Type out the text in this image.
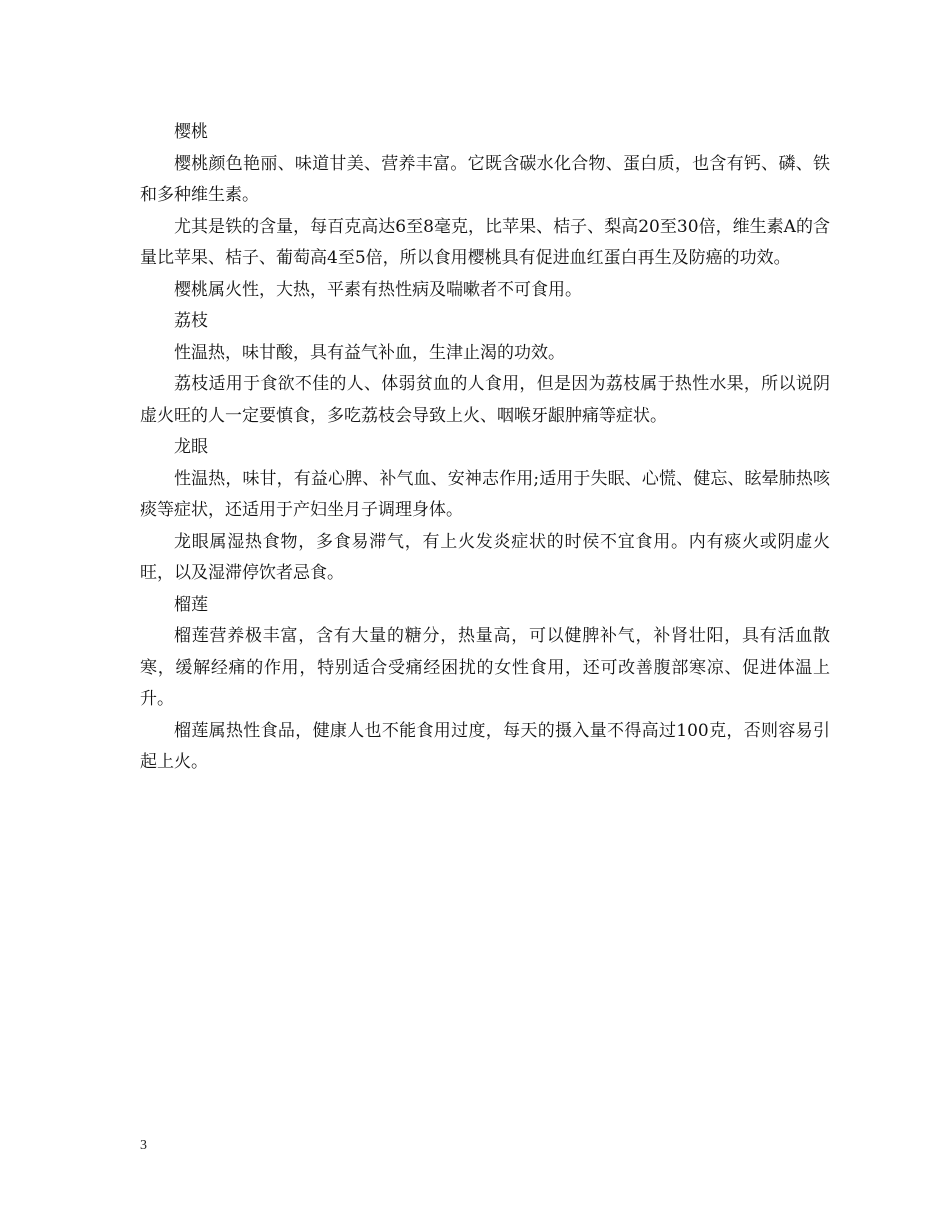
樱桃

樱桃颜色艳丽、味道甘美、营养丰富。它既含碳水化合物、蛋白质，也含有钙、磷、铁和多种维生素。

尤其是铁的含量，每百克高达6至8毫克，比苹果、桔子、梨高20至30倍，维生素A的含量比苹果、桔子、葡萄高4至5倍，所以食用樱桃具有促进血红蛋白再生及防癌的功效。

樱桃属火性，大热，平素有热性病及喘嗽者不可食用。

荔枝

性温热，味甘酸，具有益气补血，生津止渴的功效。

荔枝适用于食欲不佳的人、体弱贫血的人食用，但是因为荔枝属于热性水果，所以说阴虚火旺的人一定要慎食，多吃荔枝会导致上火、咽喉牙龈肿痛等症状。

龙眼

性温热，味甘，有益心脾、补气血、安神志作用;适用于失眠、心慌、健忘、眩晕肺热咳痰等症状，还适用于产妇坐月子调理身体。

龙眼属湿热食物，多食易滞气，有上火发炎症状的时侯不宜食用。内有痰火或阴虚火旺，以及湿滞停饮者忌食。

榴莲

榴莲营养极丰富，含有大量的糖分，热量高，可以健脾补气，补肾壮阳，具有活血散寒，缓解经痛的作用，特别适合受痛经困扰的女性食用，还可改善腹部寒凉、促进体温上升。

榴莲属热性食品，健康人也不能食用过度，每天的摄入量不得高过100克，否则容易引起上火。

3
